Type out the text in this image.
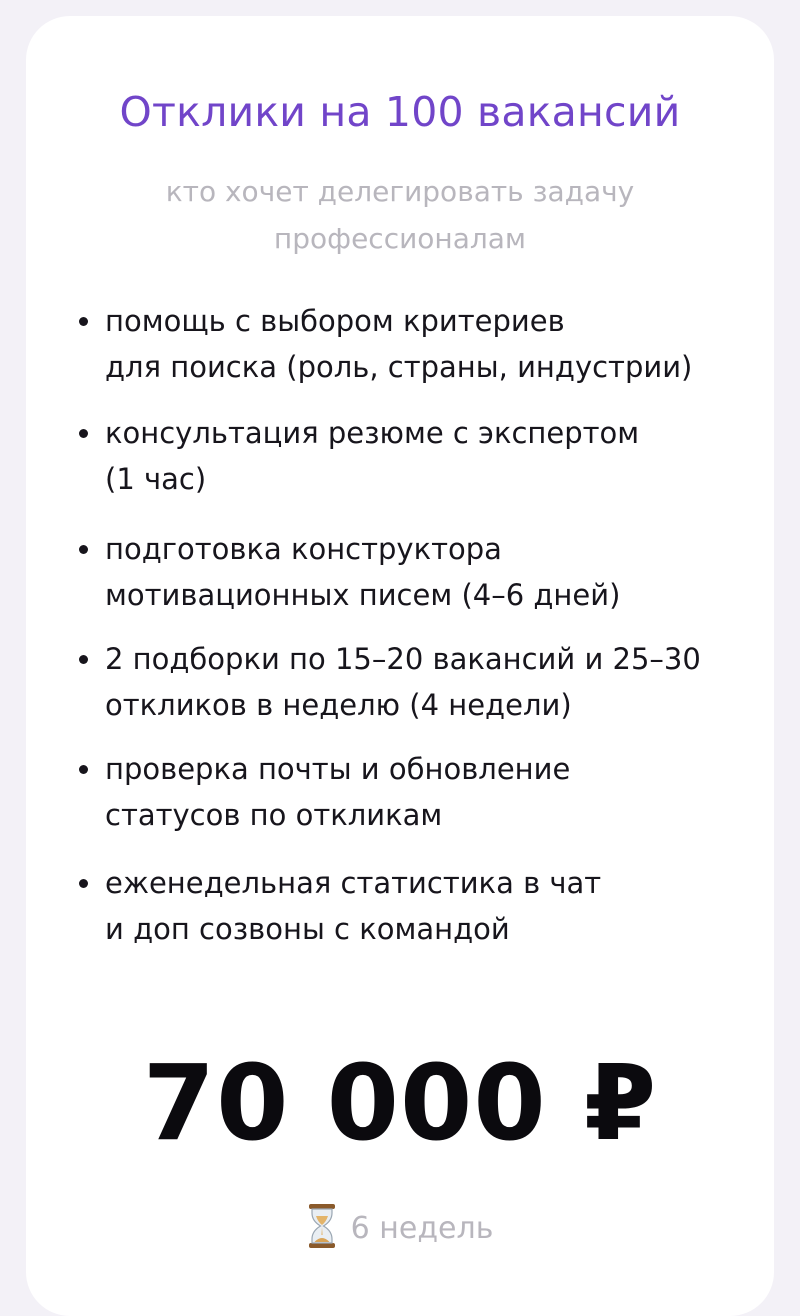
Отклики на 100 вакансий
кто хочет делегировать задачу
профессионалам
помощь с выбором критериев
для поиска (роль, страны, индустрии)
консультация резюме с экспертом
(1 час)
подготовка конструктора
мотивационных писем (4–6 дней)
2 подборки по 15–20 вакансий и 25–30
откликов в неделю (4 недели)
проверка почты и обновление
статусов по откликам
еженедельная статистика в чат
и доп созвоны с командой
70 000 ₽
6 недель
